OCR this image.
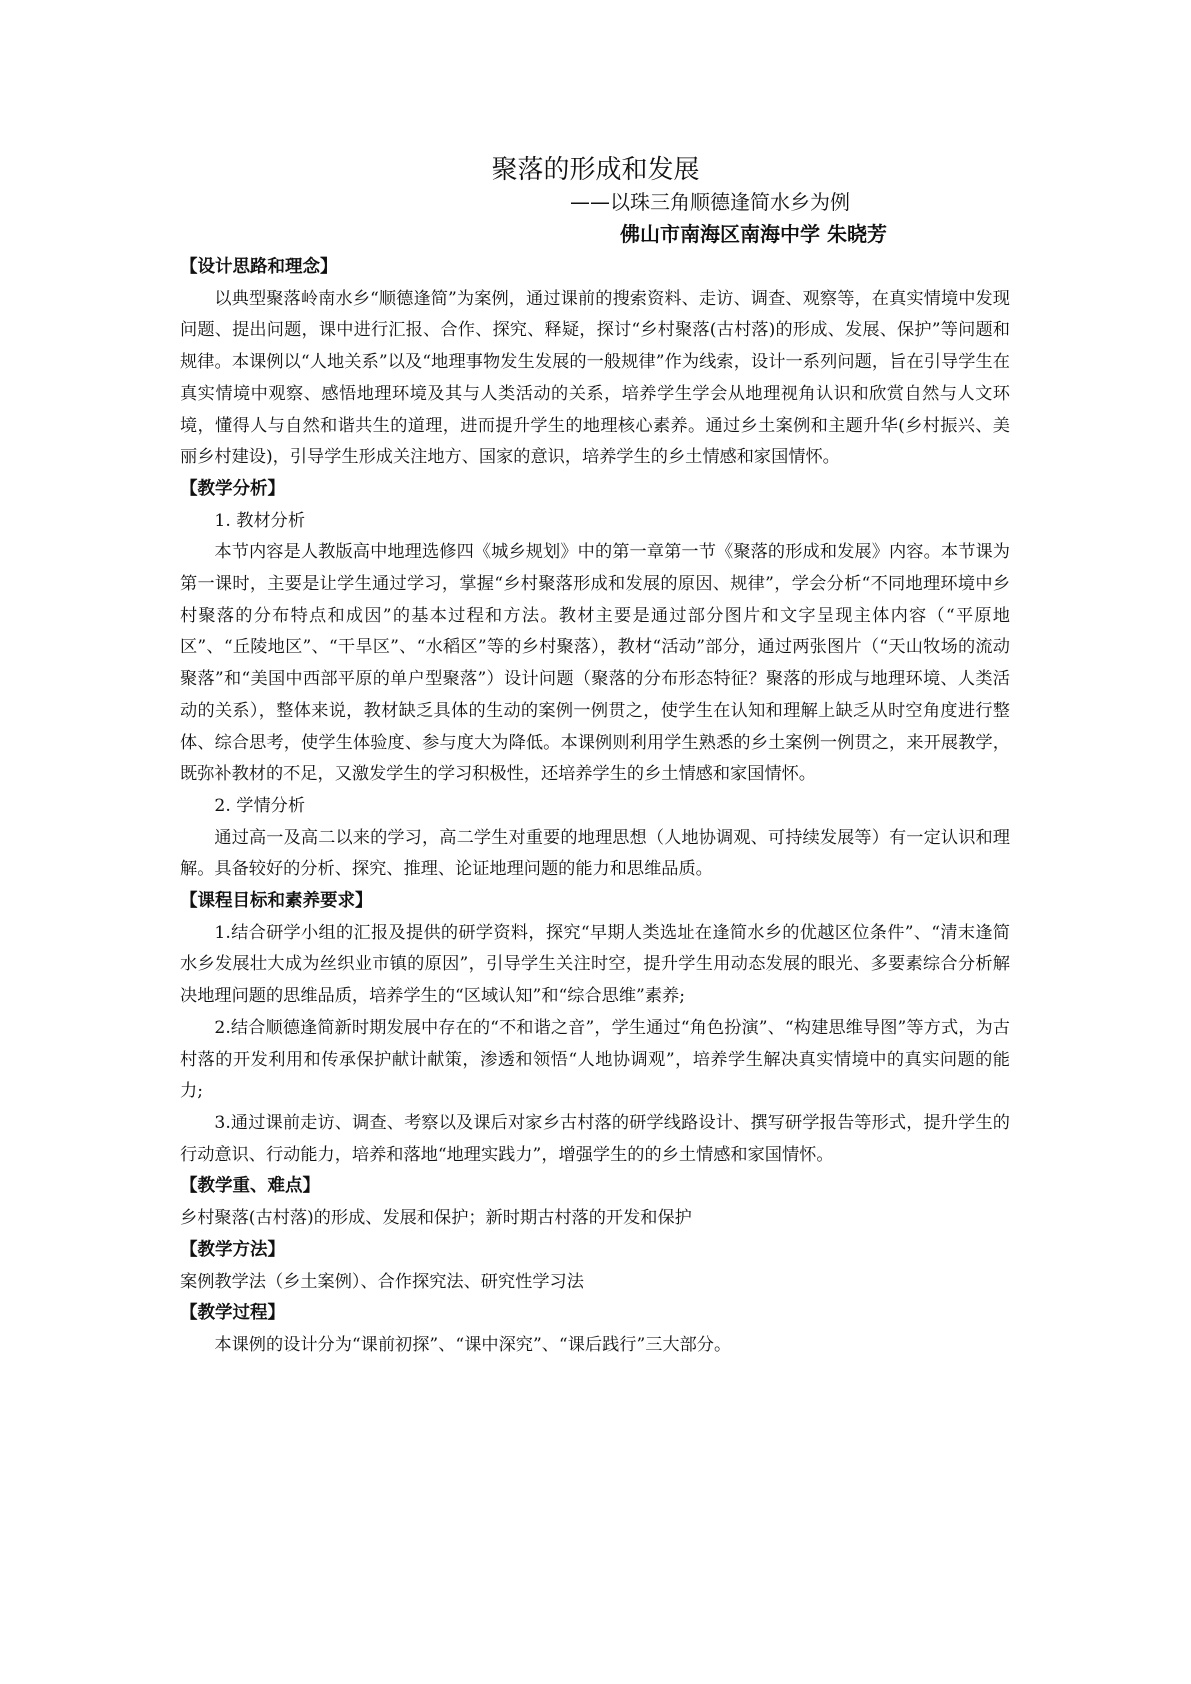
聚落的形成和发展
——以珠三角顺德逢简水乡为例
佛山市南海区南海中学 朱晓芳

【设计思路和理念】

以典型聚落岭南水乡“顺德逢简”为案例，通过课前的搜索资料、走访、调查、观察等，在真实情境中发现问题、提出问题，课中进行汇报、合作、探究、释疑，探讨“乡村聚落(古村落)的形成、发展、保护”等问题和规律。本课例以“人地关系”以及“地理事物发生发展的一般规律”作为线索，设计一系列问题，旨在引导学生在真实情境中观察、感悟地理环境及其与人类活动的关系，培养学生学会从地理视角认识和欣赏自然与人文环境，懂得人与自然和谐共生的道理，进而提升学生的地理核心素养。通过乡土案例和主题升华(乡村振兴、美丽乡村建设)，引导学生形成关注地方、国家的意识，培养学生的乡土情感和家国情怀。

【教学分析】

1. 教材分析

本节内容是人教版高中地理选修四《城乡规划》中的第一章第一节《聚落的形成和发展》内容。本节课为第一课时，主要是让学生通过学习，掌握“乡村聚落形成和发展的原因、规律”，学会分析“不同地理环境中乡村聚落的分布特点和成因”的基本过程和方法。教材主要是通过部分图片和文字呈现主体内容（“平原地区”、“丘陵地区”、“干旱区”、“水稻区”等的乡村聚落），教材“活动”部分，通过两张图片（“天山牧场的流动聚落”和“美国中西部平原的单户型聚落”）设计问题（聚落的分布形态特征？聚落的形成与地理环境、人类活动的关系），整体来说，教材缺乏具体的生动的案例一例贯之，使学生在认知和理解上缺乏从时空角度进行整体、综合思考，使学生体验度、参与度大为降低。本课例则利用学生熟悉的乡土案例一例贯之，来开展教学，既弥补教材的不足，又激发学生的学习积极性，还培养学生的乡土情感和家国情怀。

2. 学情分析

通过高一及高二以来的学习，高二学生对重要的地理思想（人地协调观、可持续发展等）有一定认识和理解。具备较好的分析、探究、推理、论证地理问题的能力和思维品质。

【课程目标和素养要求】

1.结合研学小组的汇报及提供的研学资料，探究“早期人类选址在逢简水乡的优越区位条件”、“清末逢简水乡发展壮大成为丝织业市镇的原因”，引导学生关注时空，提升学生用动态发展的眼光、多要素综合分析解决地理问题的思维品质，培养学生的“区域认知”和“综合思维”素养;

2.结合顺德逢简新时期发展中存在的“不和谐之音”，学生通过“角色扮演”、“构建思维导图”等方式，为古村落的开发利用和传承保护献计献策，渗透和领悟“人地协调观”，培养学生解决真实情境中的真实问题的能力;

3.通过课前走访、调查、考察以及课后对家乡古村落的研学线路设计、撰写研学报告等形式，提升学生的行动意识、行动能力，培养和落地“地理实践力”，增强学生的的乡土情感和家国情怀。

【教学重、难点】

乡村聚落(古村落)的形成、发展和保护；新时期古村落的开发和保护

【教学方法】

案例教学法（乡土案例）、合作探究法、研究性学习法

【教学过程】

本课例的设计分为“课前初探”、“课中深究”、“课后践行”三大部分。
